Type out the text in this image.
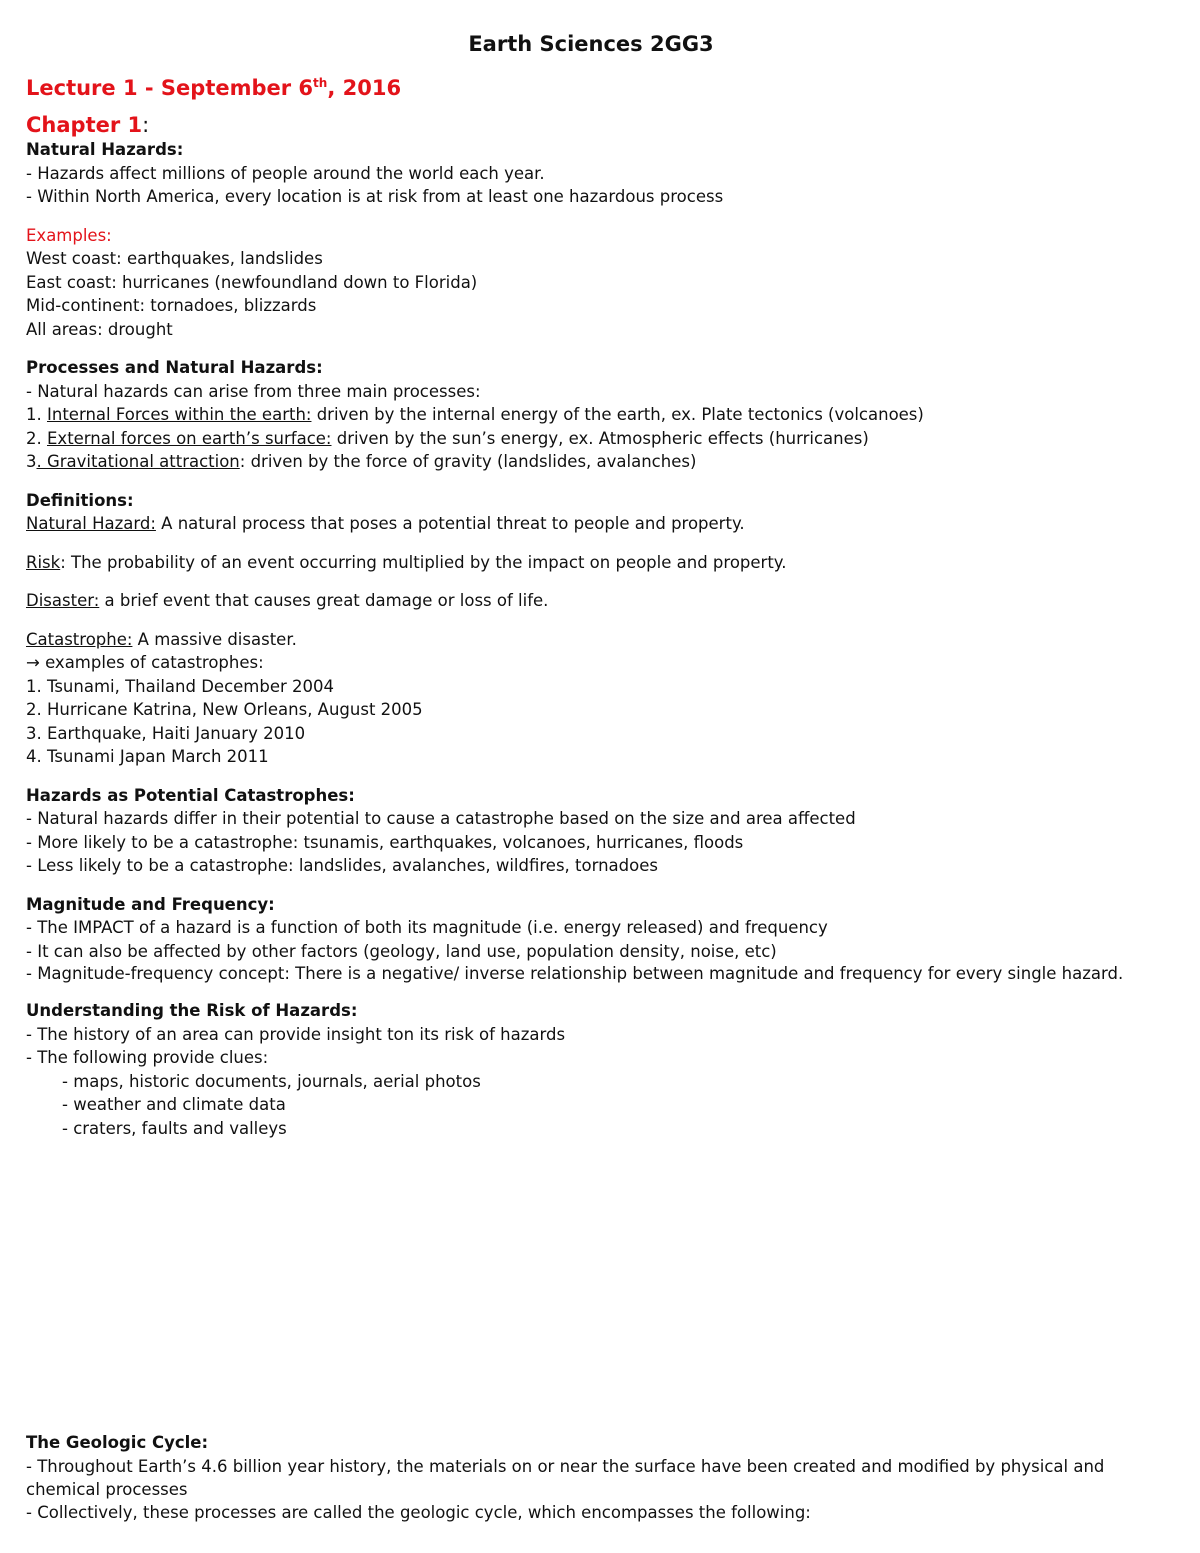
Earth Sciences 2GG3
Lecture 1 - September 6th, 2016
Chapter 1:
Natural Hazards:
- Hazards affect millions of people around the world each year.
- Within North America, every location is at risk from at least one hazardous process
Examples:
West coast: earthquakes, landslides
East coast: hurricanes (newfoundland down to Florida)
Mid-continent: tornadoes, blizzards
All areas: drought
Processes and Natural Hazards:
- Natural hazards can arise from three main processes:
1. Internal Forces within the earth: driven by the internal energy of the earth, ex. Plate tectonics (volcanoes)
2. External forces on earth’s surface: driven by the sun’s energy, ex. Atmospheric effects (hurricanes)
3. Gravitational attraction: driven by the force of gravity (landslides, avalanches)
Definitions:
Natural Hazard: A natural process that poses a potential threat to people and property.
Risk: The probability of an event occurring multiplied by the impact on people and property.
Disaster: a brief event that causes great damage or loss of life.
Catastrophe: A massive disaster.
→ examples of catastrophes:
1. Tsunami, Thailand December 2004
2. Hurricane Katrina, New Orleans, August 2005
3. Earthquake, Haiti January 2010
4. Tsunami Japan March 2011
Hazards as Potential Catastrophes:
- Natural hazards differ in their potential to cause a catastrophe based on the size and area affected
- More likely to be a catastrophe: tsunamis, earthquakes, volcanoes, hurricanes, floods
- Less likely to be a catastrophe: landslides, avalanches, wildfires, tornadoes
Magnitude and Frequency:
- The IMPACT of a hazard is a function of both its magnitude (i.e. energy released) and frequency
- It can also be affected by other factors (geology, land use, population density, noise, etc)
- Magnitude-frequency concept: There is a negative/ inverse relationship between magnitude and frequency for every single hazard.
Understanding the Risk of Hazards:
- The history of an area can provide insight ton its risk of hazards
- The following provide clues:
- maps, historic documents, journals, aerial photos
- weather and climate data
- craters, faults and valleys
The Geologic Cycle:
- Throughout Earth’s 4.6 billion year history, the materials on or near the surface have been created and modified by physical and chemical processes
- Collectively, these processes are called the geologic cycle, which encompasses the following:
